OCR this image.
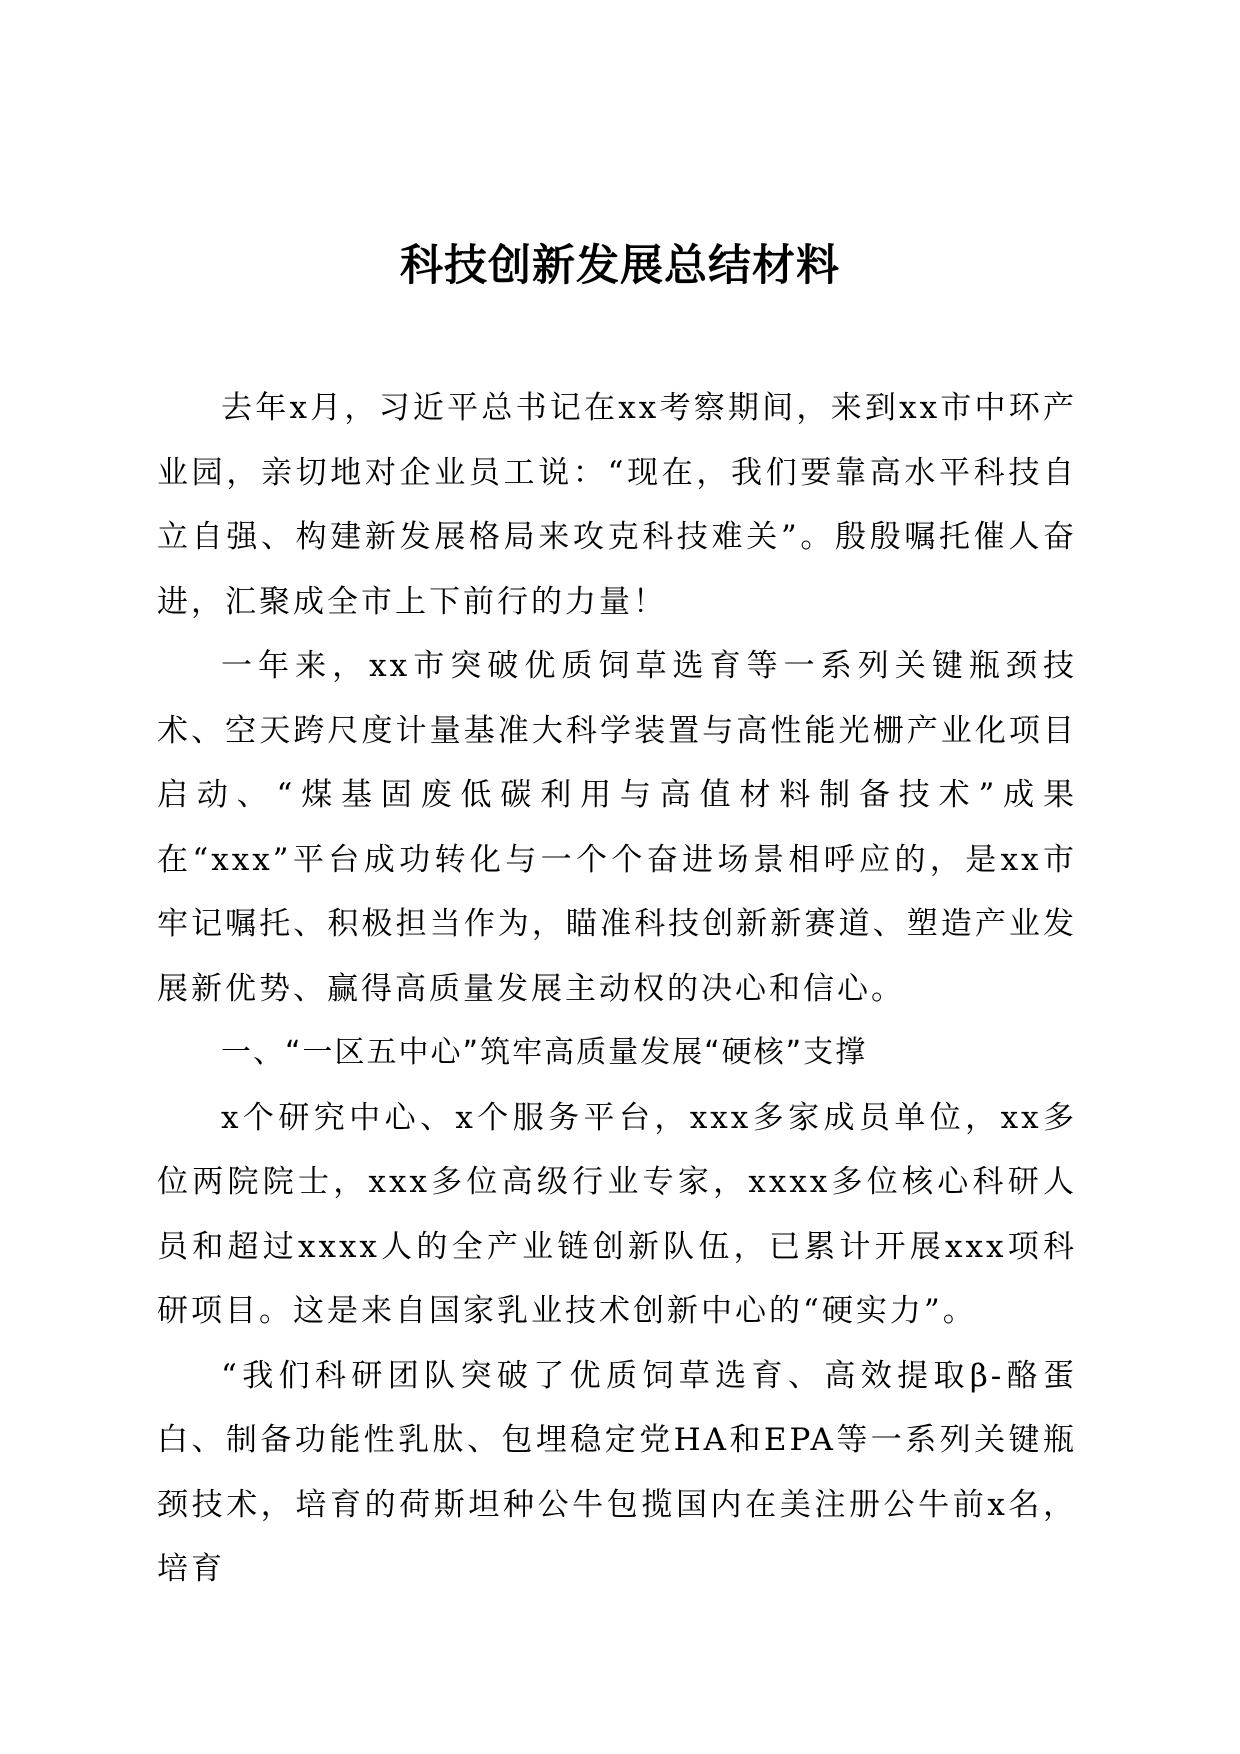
科技创新发展总结材料

去年x月，习近平总书记在xx考察期间，来到xx市中环产业园，亲切地对企业员工说：“现在，我们要靠高水平科技自立自强、构建新发展格局来攻克科技难关”。殷殷嘱托催人奋进，汇聚成全市上下前行的力量！

一年来，xx市突破优质饲草选育等一系列关键瓶颈技术、空天跨尺度计量基准大科学装置与高性能光栅产业化项目启动、“煤基固废低碳利用与高值材料制备技术”成果在“xxx”平台成功转化与一个个奋进场景相呼应的，是xx市牢记嘱托、积极担当作为，瞄准科技创新新赛道、塑造产业发展新优势、赢得高质量发展主动权的决心和信心。

一、“一区五中心”筑牢高质量发展“硬核”支撑

x个研究中心、x个服务平台，xxx多家成员单位，xx多位两院院士，xxx多位高级行业专家，xxxx多位核心科研人员和超过xxxx人的全产业链创新队伍，已累计开展xxx项科研项目。这是来自国家乳业技术创新中心的“硬实力”。

“我们科研团队突破了优质饲草选育、高效提取β-酪蛋白、制备功能性乳肽、包埋稳定党HA和EPA等一系列关键瓶颈技术，培育的荷斯坦种公牛包揽国内在美注册公牛前x名，培育
